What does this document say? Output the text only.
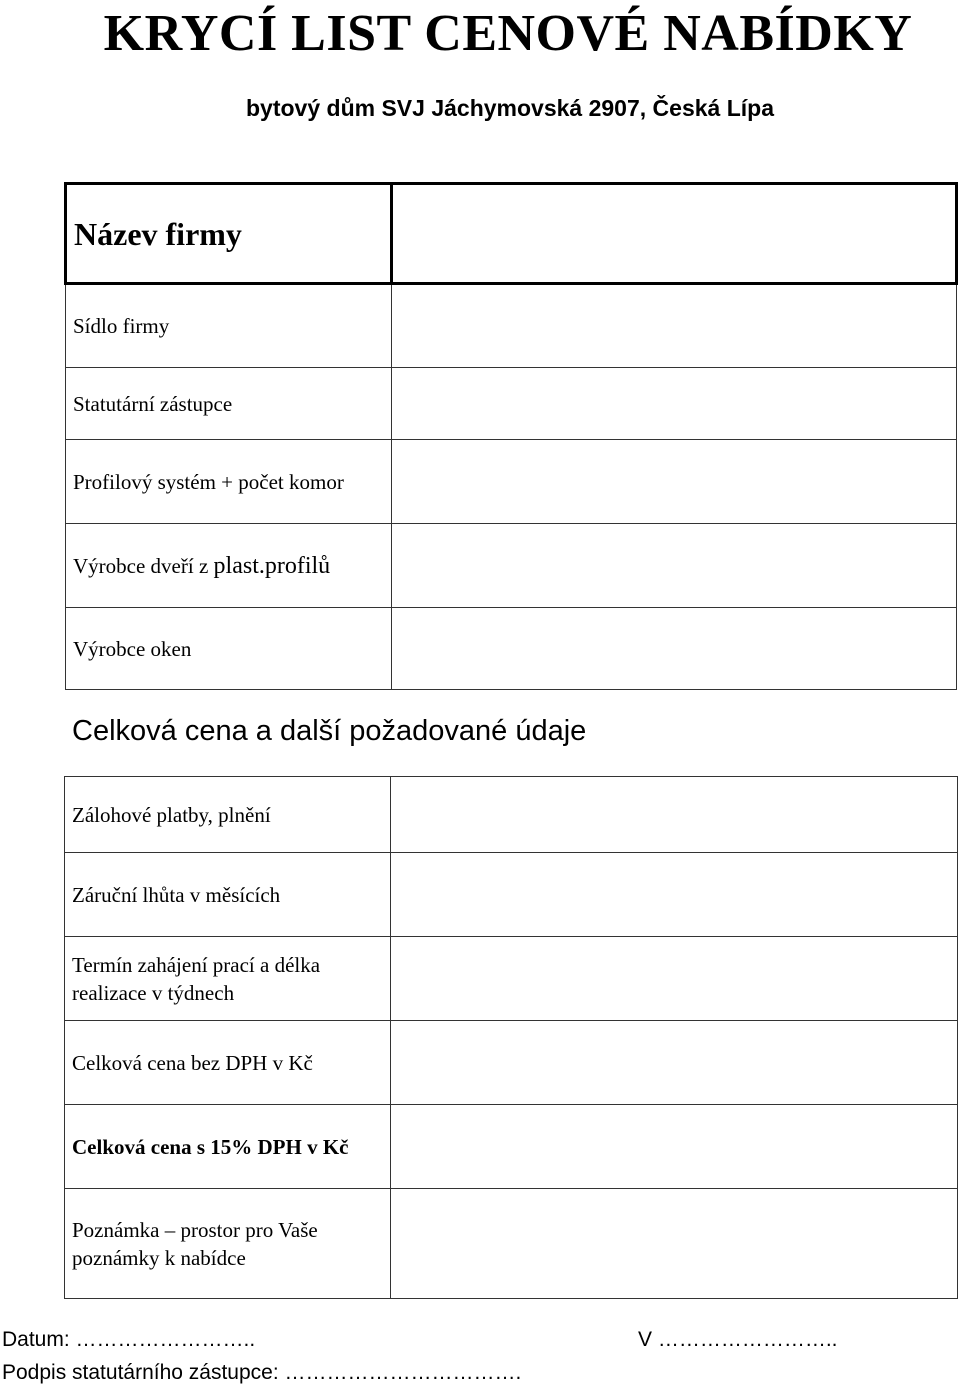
KRYCÍ LIST CENOVÉ NABÍDKY
bytový dům SVJ Jáchymovská 2907, Česká Lípa
Název firmy	
Sídlo firmy	
Statutární zástupce	
Profilový systém + počet komor	
Výrobce dveří z plast.profilů	
Výrobce oken	
Celková cena a další požadované údaje
Zálohové platby, plnění	
Záruční lhůta v měsících	
Termín zahájení prací a délka realizace v týdnech	
Celková cena bez DPH v Kč	
Celková cena s 15% DPH v Kč	
Poznámka – prostor pro Vaše poznámky k nabídce	
Datum: ……………………..	V ……………………..
Podpis statutárního zástupce: …………………………….
